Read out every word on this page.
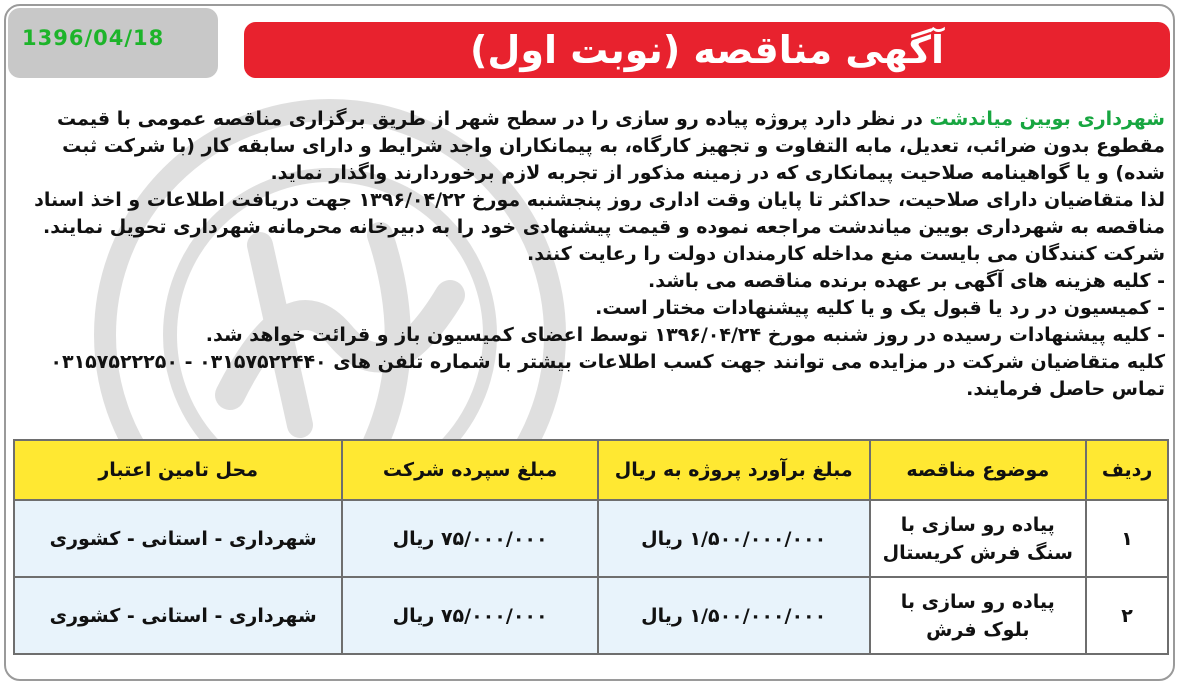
1396/04/18	آگهی مناقصه (نوبت اول)

شهرداری بویین میاندشت در نظر دارد پروژه پیاده رو سازی را در سطح شهر از طریق برگزاری مناقصه عمومی با قیمت مقطوع بدون ضرائب، تعدیل، مابه التفاوت و تجهیز کارگاه، به پیمانکاران واجد شرایط و دارای سابقه کار (با شرکت ثبت شده) و یا گواهینامه صلاحیت پیمانکاری که در زمینه مذکور از تجربه لازم برخوردارند واگذار نماید.

لذا متقاضیان دارای صلاحیت، حداکثر تا پایان وقت اداری روز پنجشنبه مورخ ۱۳۹۶/۰۴/۲۲ جهت دریافت اطلاعات و اخذ اسناد مناقصه به شهرداری بویین میاندشت مراجعه نموده و قیمت پیشنهادی خود را به دبیرخانه محرمانه شهرداری تحویل نمایند.

شرکت کنندگان می بایست منع مداخله کارمندان دولت را رعایت کنند.

- کلیه هزینه های آگهی بر عهده برنده مناقصه می باشد.

- کمیسیون در رد یا قبول یک و یا کلیه پیشنهادات مختار است.

- کلیه پیشنهادات رسیده در روز شنبه مورخ ۱۳۹۶/۰۴/۲۴ توسط اعضای کمیسیون باز و قرائت خواهد شد.

کلیه متقاضیان شرکت در مزایده می توانند جهت کسب اطلاعات بیشتر با شماره تلفن های ۰۳۱۵۷۵۲۲۴۴۰ - ۰۳۱۵۷۵۲۲۲۵۰ تماس حاصل فرمایند.

ردیف	موضوع مناقصه	مبلغ برآورد پروژه به ریال	مبلغ سپرده شرکت	محل تامین اعتبار
۱	پیاده رو سازی با
سنگ فرش کریستال	۱/۵۰۰/۰۰۰/۰۰۰ ریال	۷۵/۰۰۰/۰۰۰ ریال	شهرداری - استانی - کشوری
۲	پیاده رو سازی با
بلوک فرش	۱/۵۰۰/۰۰۰/۰۰۰ ریال	۷۵/۰۰۰/۰۰۰ ریال	شهرداری - استانی - کشوری
